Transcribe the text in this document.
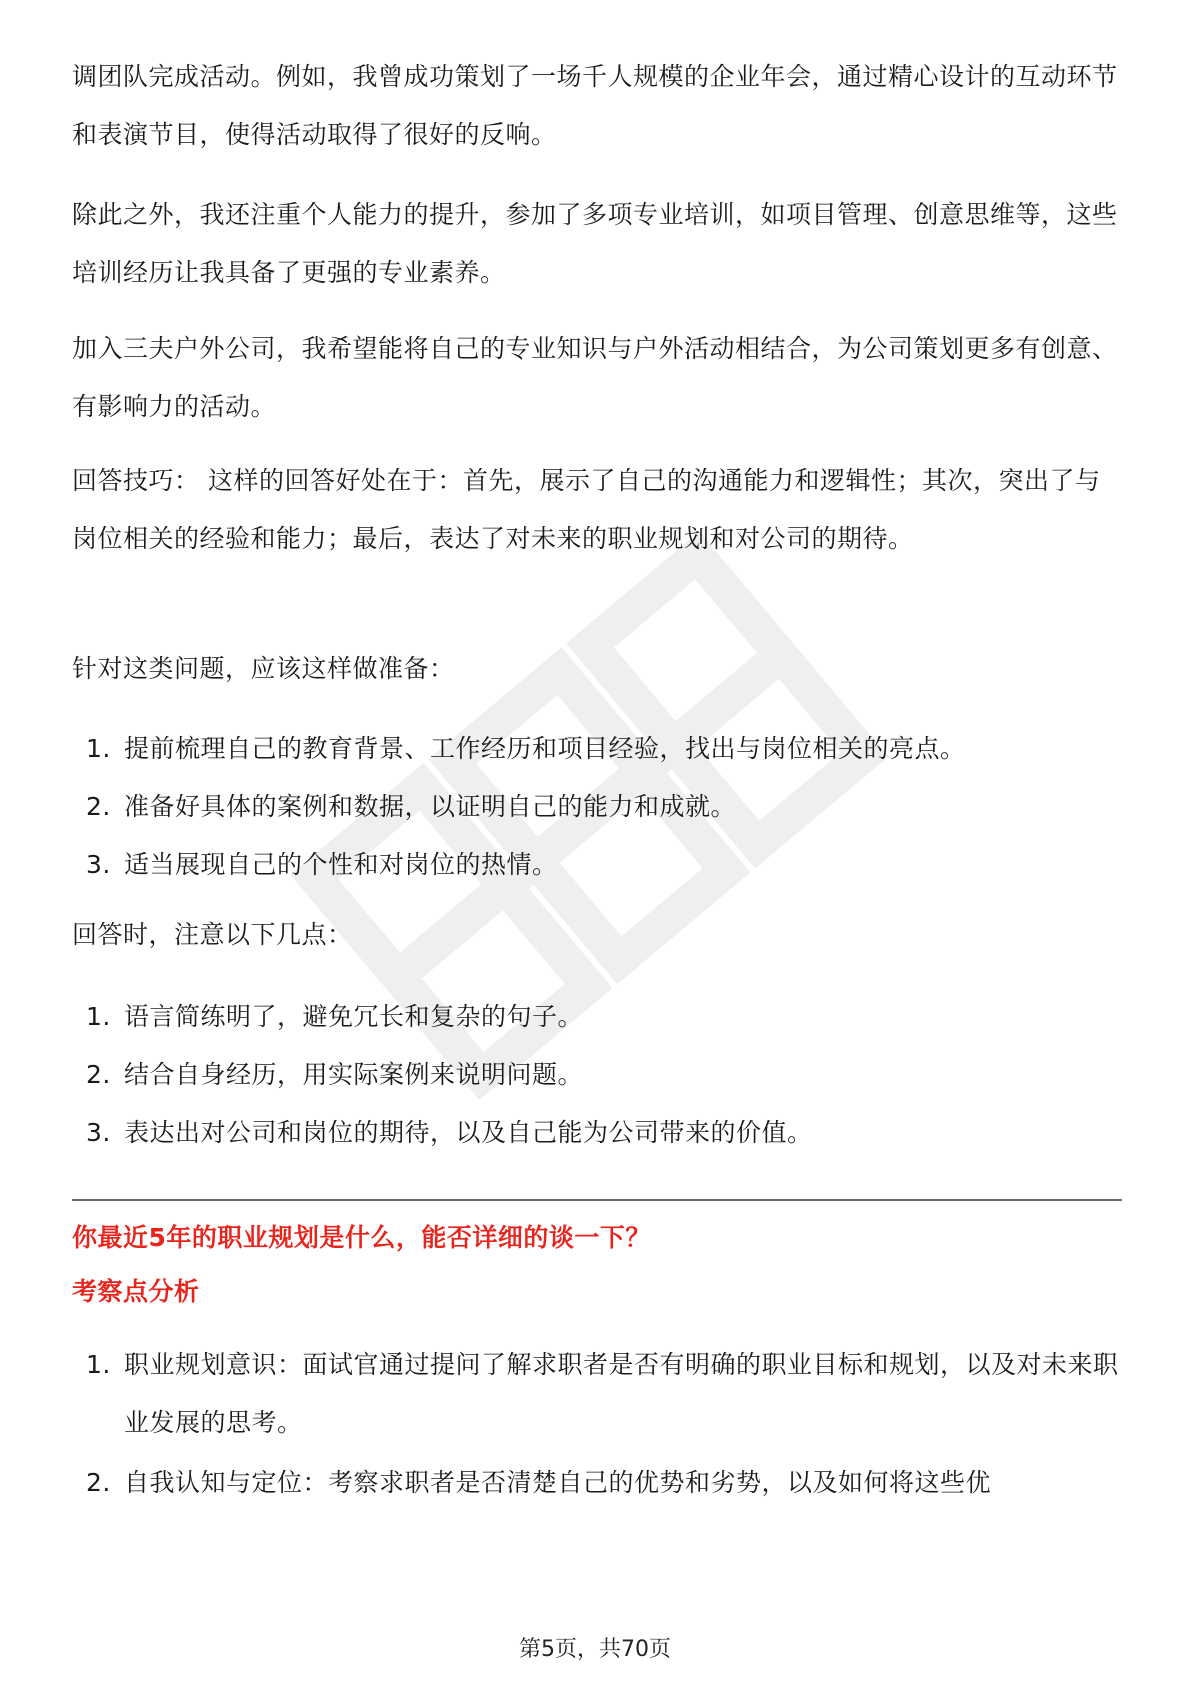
调团队完成活动。例如，我曾成功策划了一场千人规模的企业年会，通过精心设计的互动环节和表演节目，使得活动取得了很好的反响。

除此之外，我还注重个人能力的提升，参加了多项专业培训，如项目管理、创意思维等，这些培训经历让我具备了更强的专业素养。

加入三夫户外公司，我希望能将自己的专业知识与户外活动相结合，为公司策划更多有创意、有影响力的活动。

回答技巧： 这样的回答好处在于：首先，展示了自己的沟通能力和逻辑性；其次，突出了与岗位相关的经验和能力；最后，表达了对未来的职业规划和对公司的期待。

针对这类问题，应该这样做准备：

1. 提前梳理自己的教育背景、工作经历和项目经验，找出与岗位相关的亮点。
2. 准备好具体的案例和数据，以证明自己的能力和成就。
3. 适当展现自己的个性和对岗位的热情。

回答时，注意以下几点：

1. 语言简练明了，避免冗长和复杂的句子。
2. 结合自身经历，用实际案例来说明问题。
3. 表达出对公司和岗位的期待，以及自己能为公司带来的价值。

你最近5年的职业规划是什么，能否详细的谈一下？

考察点分析

1. 职业规划意识：面试官通过提问了解求职者是否有明确的职业目标和规划，以及对未来职业发展的思考。
2. 自我认知与定位：考察求职者是否清楚自己的优势和劣势，以及如何将这些优
第5页，共70页
